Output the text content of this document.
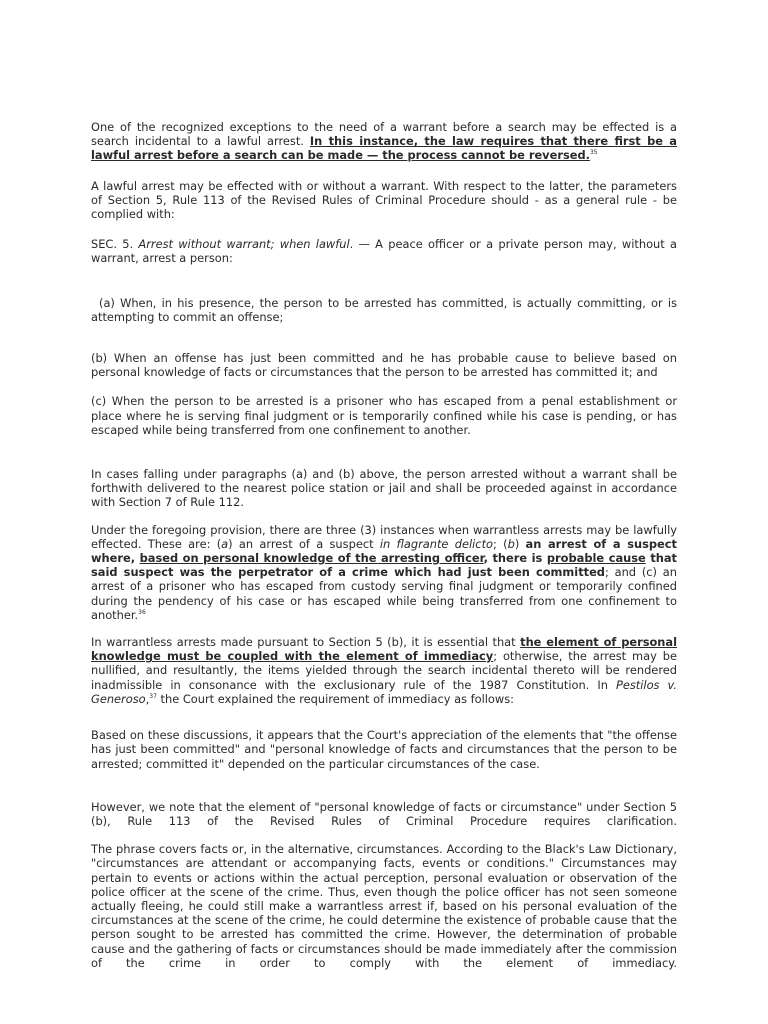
One of the recognized exceptions to the need of a warrant before a search may be effected is a search incidental to a lawful arrest. In this instance, the law requires that there first be a lawful arrest before a search can be made — the process cannot be reversed.$^{35}$

A lawful arrest may be effected with or without a warrant. With respect to the latter, the parameters of Section 5, Rule 113 of the Revised Rules of Criminal Procedure should - as a general rule - be complied with:

SEC. 5. Arrest without warrant; when lawful. — A peace officer or a private person may, without a warrant, arrest a person:

(a) When, in his presence, the person to be arrested has committed, is actually committing, or is attempting to commit an offense;

(b) When an offense has just been committed and he has probable cause to believe based on personal knowledge of facts or circumstances that the person to be arrested has committed it; and

(c) When the person to be arrested is a prisoner who has escaped from a penal establishment or place where he is serving final judgment or is temporarily confined while his case is pending, or has escaped while being transferred from one confinement to another.

In cases falling under paragraphs (a) and (b) above, the person arrested without a warrant shall be forthwith delivered to the nearest police station or jail and shall be proceeded against in accordance with Section 7 of Rule 112.

Under the foregoing provision, there are three (3) instances when warrantless arrests may be lawfully effected. These are: (a) an arrest of a suspect in flagrante delicto; (b) an arrest of a suspect where, based on personal knowledge of the arresting officer, there is probable cause that said suspect was the perpetrator of a crime which had just been committed; and (c) an arrest of a prisoner who has escaped from custody serving final judgment or temporarily confined during the pendency of his case or has escaped while being transferred from one confinement to another.$^{36}$

In warrantless arrests made pursuant to Section 5 (b), it is essential that the element of personal knowledge must be coupled with the element of immediacy; otherwise, the arrest may be nullified, and resultantly, the items yielded through the search incidental thereto will be rendered inadmissible in consonance with the exclusionary rule of the 1987 Constitution. In Pestilos v. Generoso,$^{37}$ the Court explained the requirement of immediacy as follows:

Based on these discussions, it appears that the Court's appreciation of the elements that "the offense has just been committed" and "personal knowledge of facts and circumstances that the person to be arrested; committed it" depended on the particular circumstances of the case.

However, we note that the element of "personal knowledge of facts or circumstance" under Section 5 (b), Rule 113 of the Revised Rules of Criminal Procedure requires clarification.

The phrase covers facts or, in the alternative, circumstances. According to the Black's Law Dictionary, "circumstances are attendant or accompanying facts, events or conditions." Circumstances may pertain to events or actions within the actual perception, personal evaluation or observation of the police officer at the scene of the crime. Thus, even though the police officer has not seen someone actually fleeing, he could still make a warrantless arrest if, based on his personal evaluation of the circumstances at the scene of the crime, he could determine the existence of probable cause that the person sought to be arrested has committed the crime. However, the determination of probable cause and the gathering of facts or circumstances should be made immediately after the commission of the crime in order to comply with the element of immediacy.
